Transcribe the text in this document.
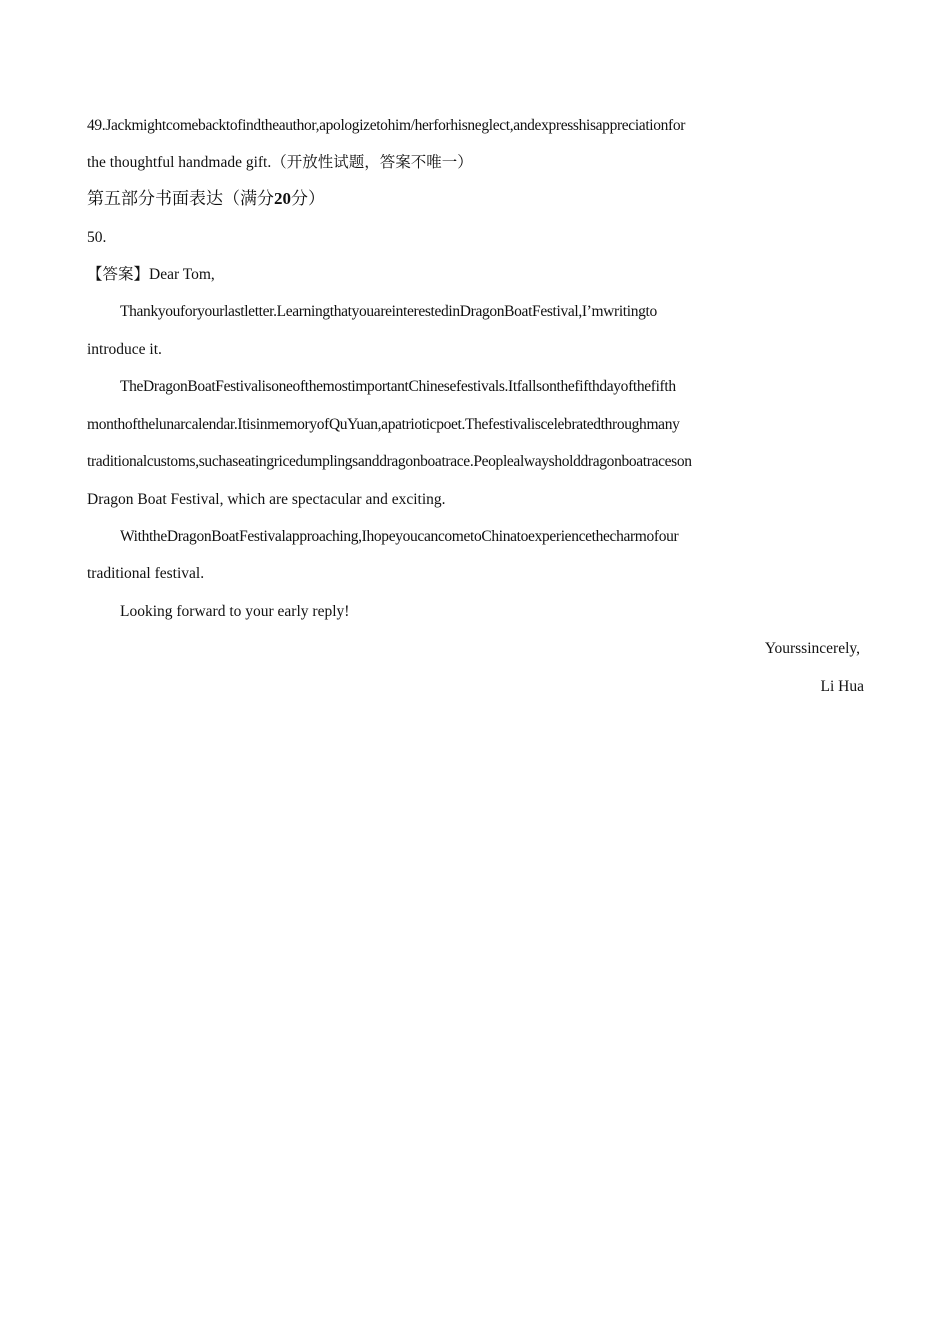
49.Jackmightcomebacktofindtheauthor,apologizetohim/herforhisneglect,andexpresshisappreciationfor
the thoughtful handmade gift.（开放性试题，答案不唯一）
第五部分书面表达（满分20分）
50.
【答案】Dear Tom,
Thankyouforyourlastletter.LearningthatyouareinterestedinDragonBoatFestival,I’mwritingto
introduce it.
TheDragonBoatFestivalisoneofthemostimportantChinesefestivals.Itfallsonthefifthdayofthefifth
monthofthelunarcalendar.ItisinmemoryofQuYuan,apatrioticpoet.Thefestivaliscelebratedthroughmany
traditionalcustoms,suchaseatingricedumplingsanddragonboatrace.Peoplealwaysholddragonboatraceson
Dragon Boat Festival, which are spectacular and exciting.
WiththeDragonBoatFestivalapproaching,IhopeyoucancometoChinatoexperiencethecharmofour
traditional festival.
Looking forward to your early reply!
Yourssincerely,
Li Hua
